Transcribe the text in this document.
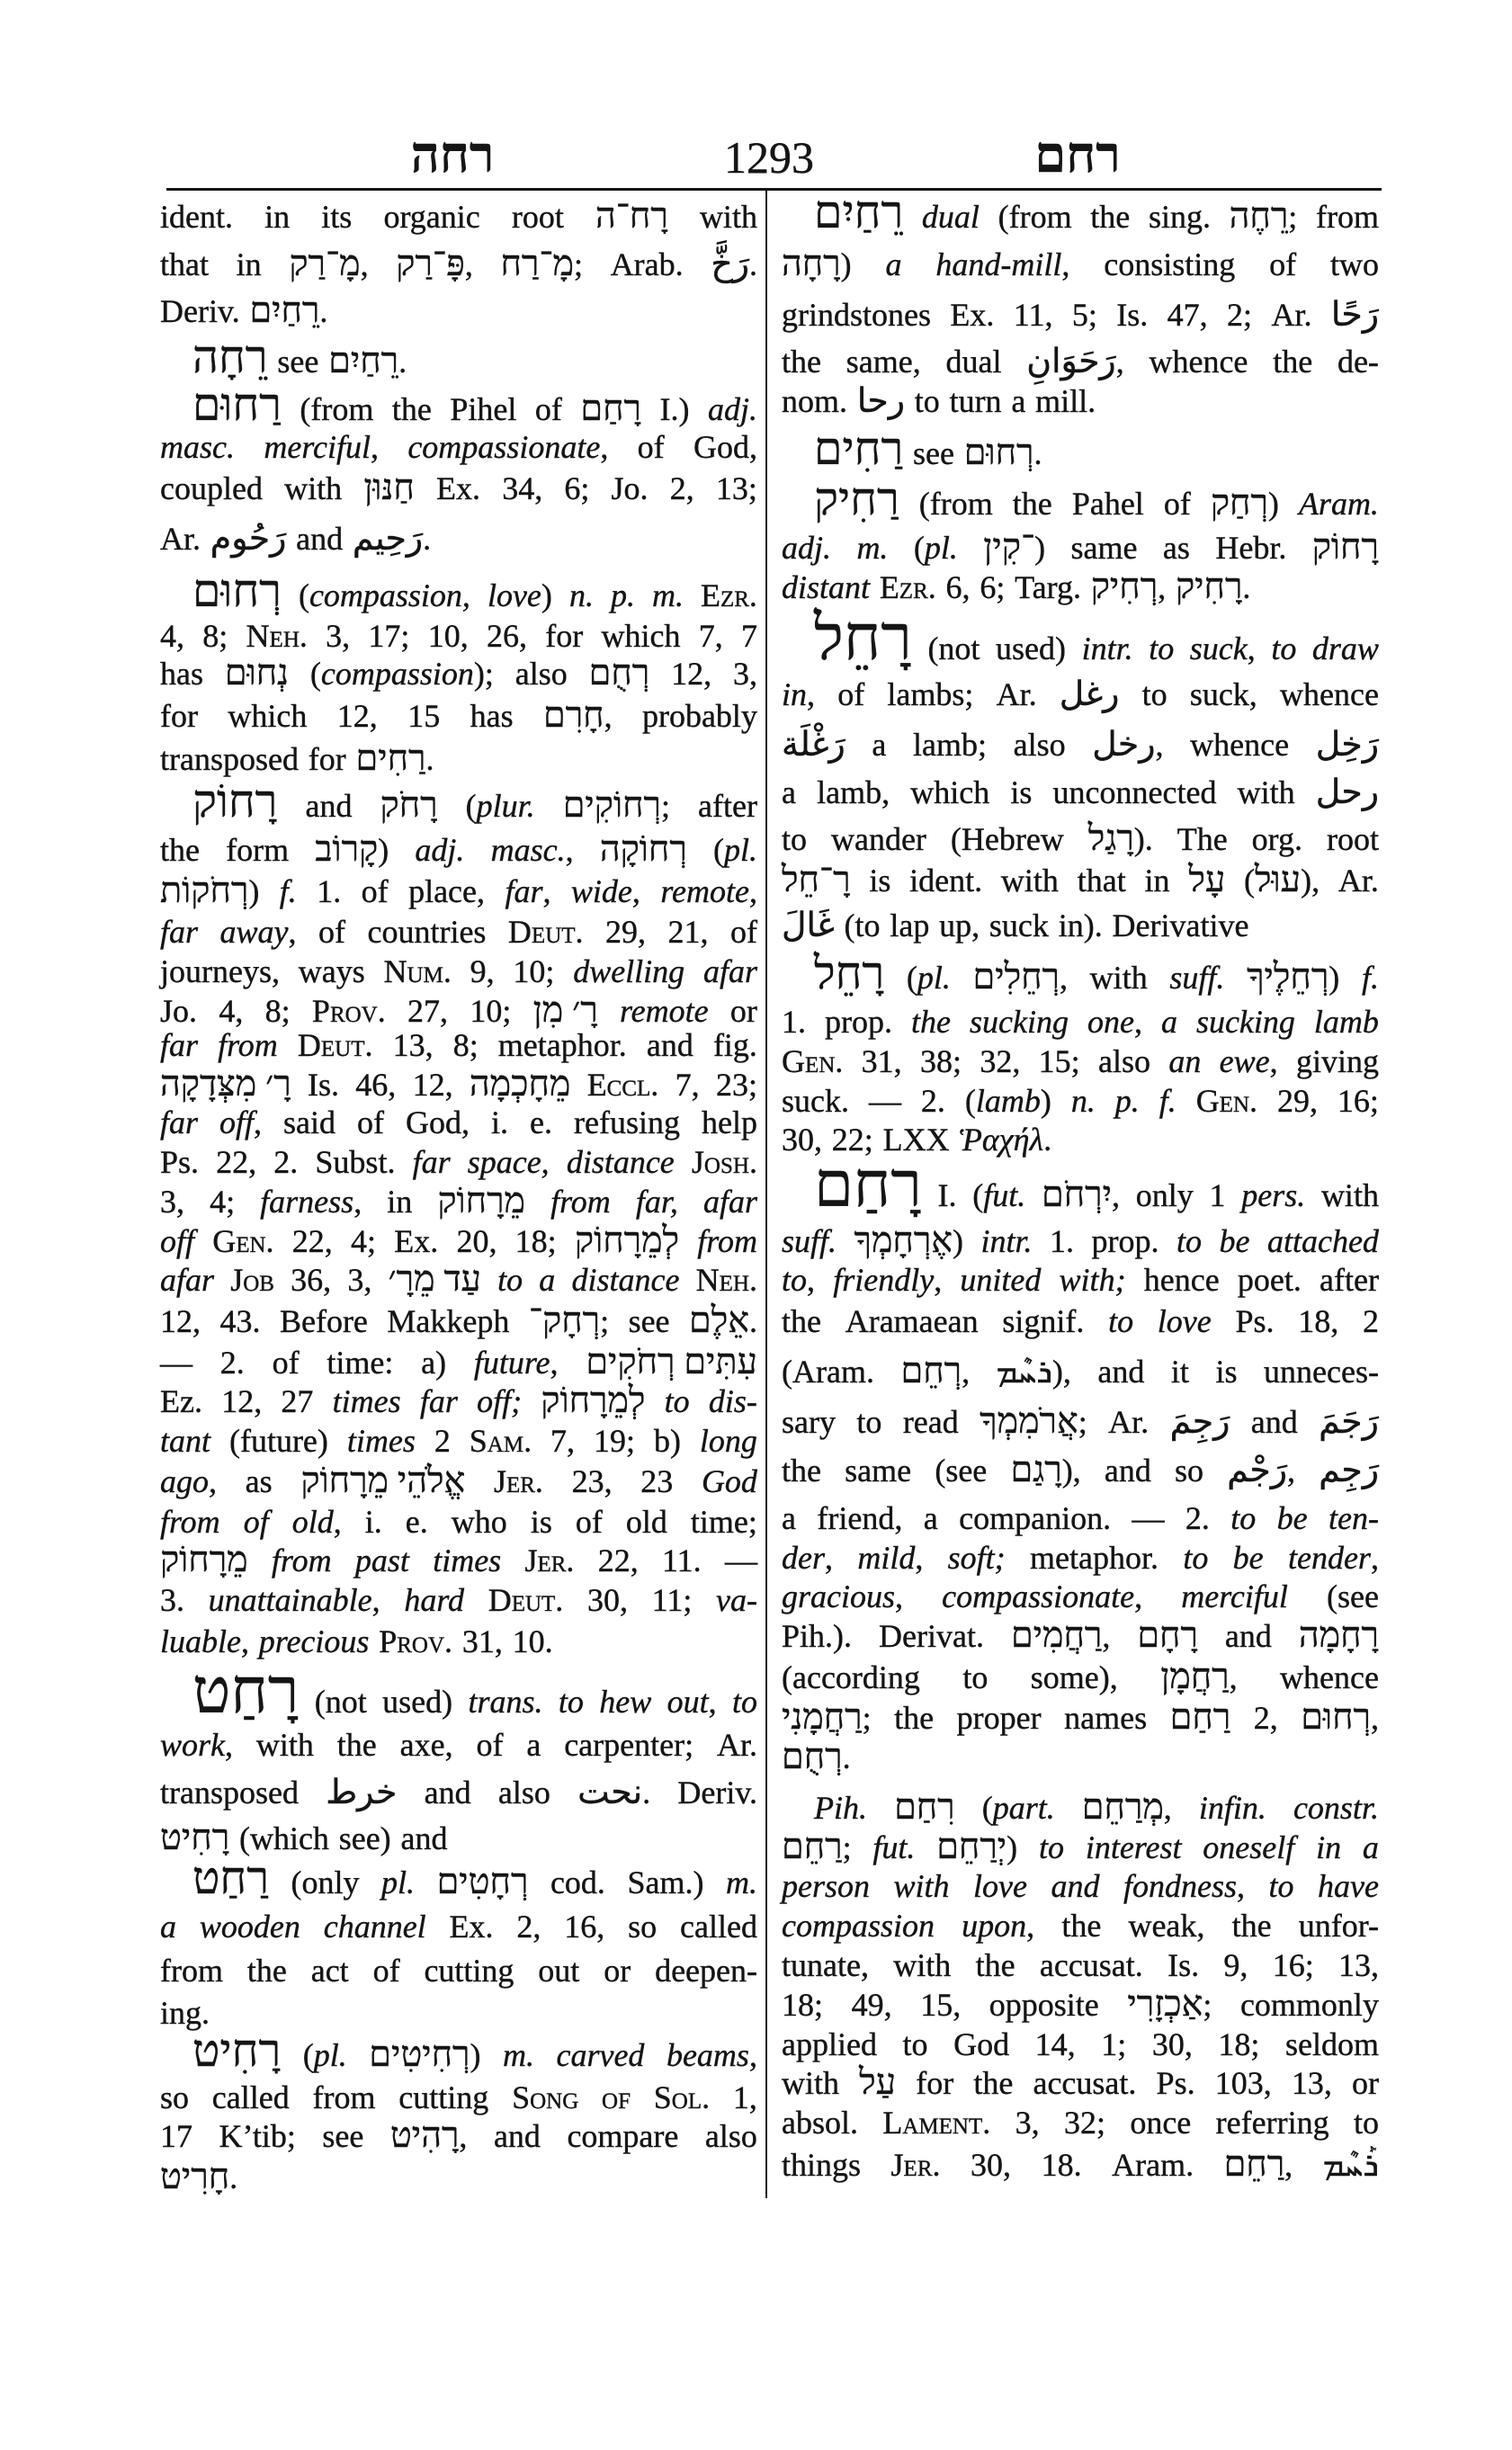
רחה	1293	רחם
ident. in its organic root רָח־ה with
that in מָ־רַק, פָּ־רַק, מָ־רַח; Arab. رَخَّ.
Deriv. רֵחַיִם.
רֵחָה see רֵחַיִם.
רַחוּם (from the Pihel of רָחַם I.) adj.
masc. merciful, compassionate, of God,
coupled with חַנּוּן Ex. 34, 6; Jo. 2, 13;
Ar. رَحُوم and رَحِيم.
רְחוּם (compassion, love) n. p. m. Ezr.
4, 8; Neh. 3, 17; 10, 26, for which 7, 7
has נְחוּם (compassion); also רְחֻם 12, 3,
for which 12, 15 has חָרִם, probably
transposed for רַחִים.
רָחוֹק and רָחֹק (plur. רְחוֹקִים; after
the form קָרוֹב) adj. masc., רְחוֹקָה (pl.
רְחֹקוֹת) f. 1. of place, far, wide, remote,
far away, of countries Deut. 29, 21, of
journeys, ways Num. 9, 10; dwelling afar
Jo. 4, 8; Prov. 27, 10; רָ׳ מִן remote or
far from Deut. 13, 8; metaphor. and fig.
רָ׳ מִצְּדָקָה Is. 46, 12, מֵחָכְמָה Eccl. 7, 23;
far off, said of God, i. e. refusing help
Ps. 22, 2. Subst. far space, distance Josh.
3, 4; farness, in מֵרָחוֹק from far, afar
off Gen. 22, 4; Ex. 20, 18; לְמֵרָחוֹק from
afar Job 36, 3, עַד מֵרָ׳ to a distance Neh.
12, 43. Before Makkeph רְחָק־; see אֵלֶם.
— 2. of time: a) future, עִתִּים רְחֹקִים
Ez. 12, 27 times far off; לְמֵרָחוֹק to dis-
tant (future) times 2 Sam. 7, 19; b) long
ago, as אֱלֹהֵי מֵרָחוֹק Jer. 23, 23 God
from of old, i. e. who is of old time;
מֵרָחוֹק from past times Jer. 22, 11. —
3. unattainable, hard Deut. 30, 11; va-
luable, precious Prov. 31, 10.
רָחַט (not used) trans. to hew out, to
work, with the axe, of a carpenter; Ar.
transposed خرط and also نحت. Deriv.
רָחִיט (which see) and
רַחַט (only pl. רְחָטִים cod. Sam.) m.
a wooden channel Ex. 2, 16, so called
from the act of cutting out or deepen-
ing.
רָחִיט (pl. רְחִיטִים) m. carved beams,
so called from cutting Song of Sol. 1,
17 K’tib; see רָהִיט, and compare also
חָרִיט.
רֵחַיִם dual (from the sing. רֵחֶה; from
רָחָה) a hand-mill, consisting of two
grindstones Ex. 11, 5; Is. 47, 2; Ar. رَحًا
the same, dual رَحَوَانِ, whence the de-
nom. رحا to turn a mill.
רַחִים see רְחוּם.
רַחִיק (from the Pahel of רְחַק) Aram.
adj. m. (pl. ־קִין) same as Hebr. רָחוֹק
distant Ezr. 6, 6; Targ. רְחִיק, רָחִיק.
רָחֵל (not used) intr. to suck, to draw
in, of lambs; Ar. رغل to suck, whence
رَغْلَة a lamb; also رخل, whence رَخِل
a lamb, which is unconnected with رحل
to wander (Hebrew רָגַל). The org. root
רָ־חֵל is ident. with that in עָל (עוּל), Ar.
غَالَ (to lap up, suck in). Derivative
רָחֵל (pl. רְחֵלִים, with suff. רְחֵלֶיךָ) f.
1. prop. the sucking one, a sucking lamb
Gen. 31, 38; 32, 15; also an ewe, giving
suck. — 2. (lamb) n. p. f. Gen. 29, 16;
30, 22; LXX Ῥαχήλ.
רָחַם I. (fut. יִרְחֹם, only 1 pers. with
suff. אֶרְחָמְךָ) intr. 1. prop. to be attached
to, friendly, united with; hence poet. after
the Aramaean signif. to love Ps. 18, 2
(Aram. רְחֵם, ܪܚܶܡ), and it is unneces-
sary to read אֲרֹמִמְךָ; Ar. رَجِمَ and رَجَمَ
the same (see רָגַם), and so رَجْم, رَجِم
a friend, a companion. — 2. to be ten-
der, mild, soft; metaphor. to be tender,
gracious, compassionate, merciful (see
Pih.). Derivat. רַחֲמִים, רָחָם and רָחָמָה
(according to some), רַחֲמָן, whence
רַחֲמָנִי; the proper names רַחַם 2, רְחוּם,
רְחֻם.
Pih. רִחַם (part. מְרַחֵם, infin. constr.
רַחֵם; fut. יְרַחֵם) to interest oneself in a
person with love and fondness, to have
compassion upon, the weak, the unfor-
tunate, with the accusat. Is. 9, 16; 13,
18; 49, 15, opposite אַכְזָרִי; commonly
applied to God 14, 1; 30, 18; seldom
with עַל for the accusat. Ps. 103, 13, or
absol. Lament. 3, 32; once referring to
things Jer. 30, 18. Aram. רַחֵם, ܪܰܚܶܡ
